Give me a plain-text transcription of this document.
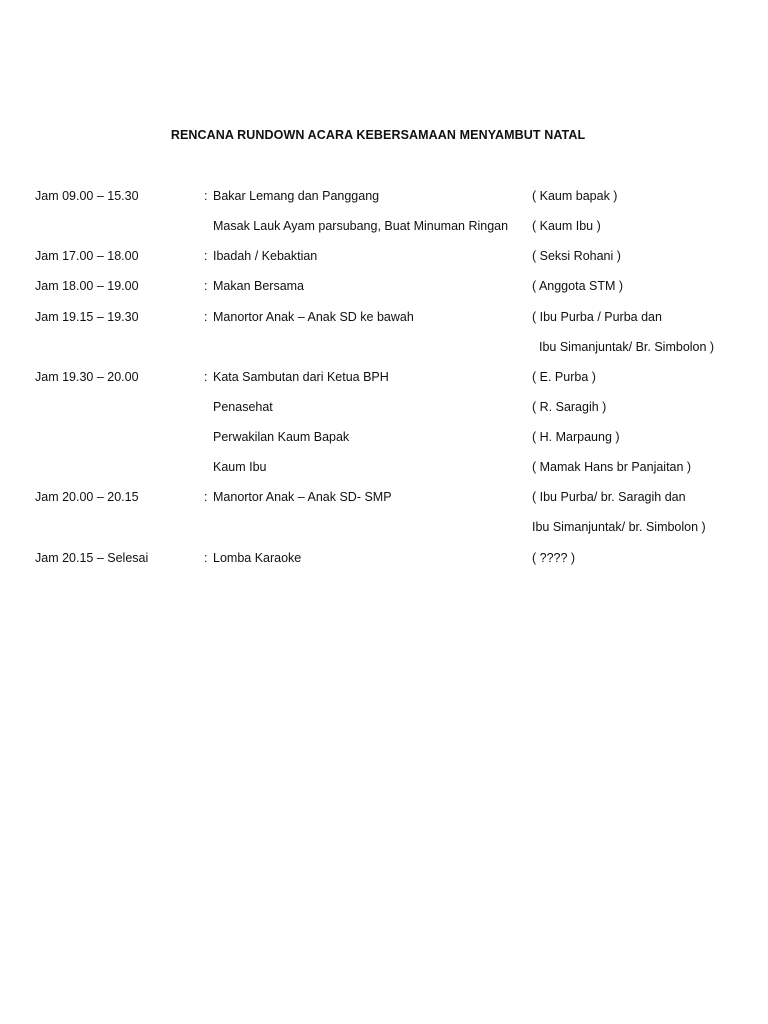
RENCANA RUNDOWN ACARA KEBERSAMAAN MENYAMBUT NATAL
Jam 09.00 – 15.30	: Bakar Lemang dan Panggang	( Kaum bapak )
Masak Lauk Ayam parsubang, Buat Minuman Ringan ( Kaum Ibu )
Jam 17.00 – 18.00	: Ibadah / Kebaktian	( Seksi Rohani )
Jam 18.00 – 19.00	: Makan Bersama	( Anggota STM )
Jam 19.15 – 19.30	: Manortor Anak – Anak SD ke bawah	( Ibu Purba / Purba dan
Ibu Simanjuntak/ Br. Simbolon )
Jam 19.30 – 20.00	: Kata Sambutan dari Ketua BPH	( E. Purba )
Penasehat	( R. Saragih )
Perwakilan Kaum Bapak	( H. Marpaung )
Kaum Ibu	( Mamak Hans br Panjaitan )
Jam 20.00 – 20.15	: Manortor Anak – Anak SD- SMP	( Ibu Purba/ br. Saragih dan
Ibu Simanjuntak/ br. Simbolon )
Jam 20.15 – Selesai	: Lomba Karaoke	( ???? )
